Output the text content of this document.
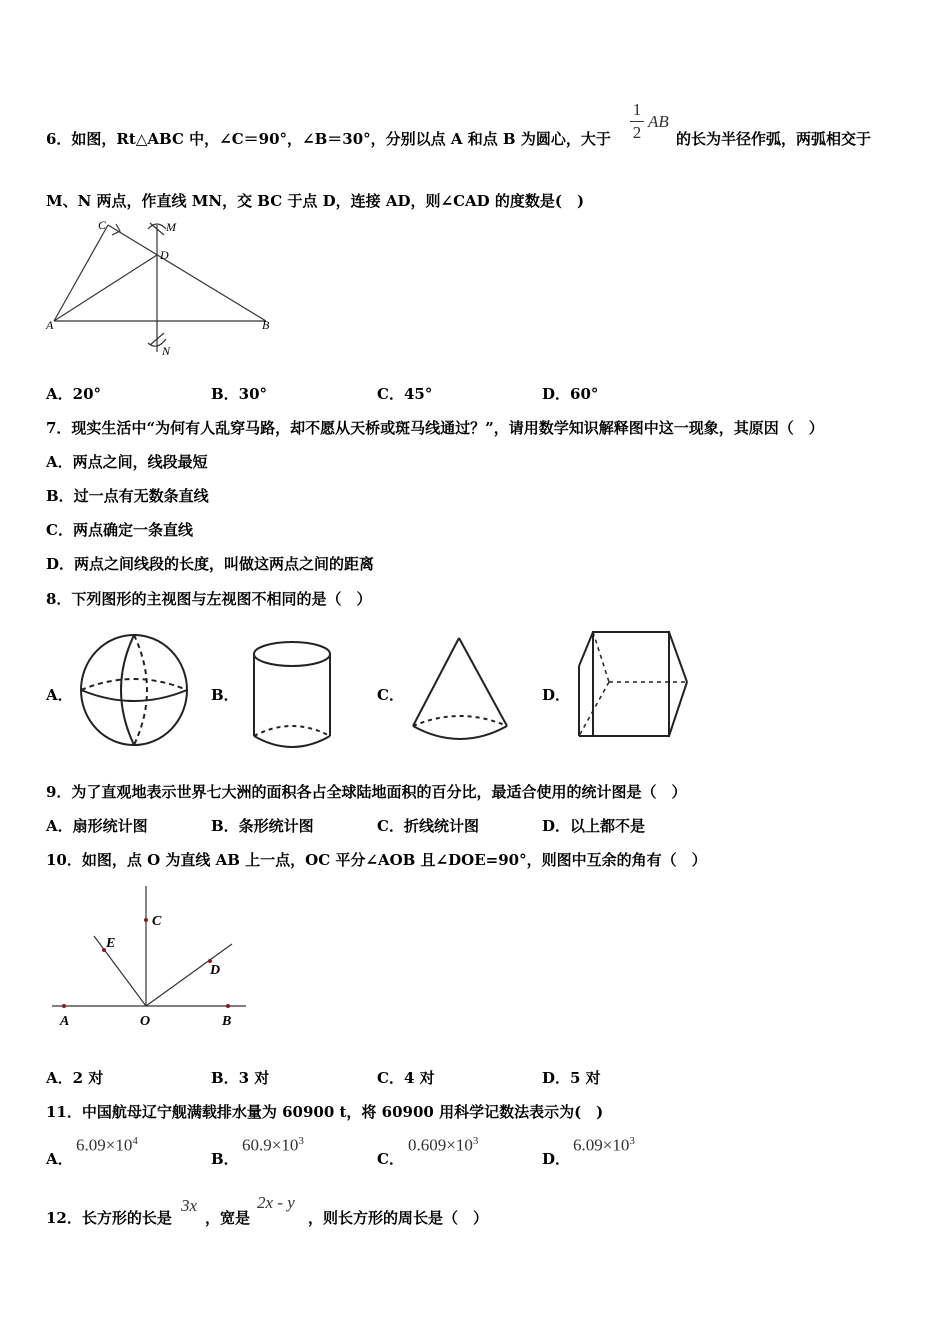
6．如图，Rt△ABC 中，∠C＝90°，∠B＝30°，分别以点 A 和点 B 为圆心，大于
1
2
AB
的长为半径作弧，两弧相交于
M、N 两点，作直线 MN，交 BC 于点 D，连接 AD，则∠CAD 的度数是(　)
C	M
D
A	B
N
A．20°	B．30°	C．45°	D．60°
7．现实生活中“为何有人乱穿马路，却不愿从天桥或斑马线通过？”，请用数学知识解释图中这一现象，其原因（　）
A．两点之间，线段最短
B．过一点有无数条直线
C．两点确定一条直线
D．两点之间线段的长度，叫做这两点之间的距离
8．下列图形的主视图与左视图不相同的是（　）
A．	B．	C．	D．
9．为了直观地表示世界七大洲的面积各占全球陆地面积的百分比，最适合使用的统计图是（　）
A．扇形统计图	B．条形统计图	C．折线统计图	D．以上都不是
10．如图，点 O 为直线 AB 上一点，OC 平分∠AOB 且∠DOE=90°，则图中互余的角有（　）
C
E
D
A	O	B
A．2 对	B．3 对	C．4 对	D．5 对
11．中国航母辽宁舰满载排水量为 60900 t，将 60900 用科学记数法表示为(　)
A．
$6.09\times 10^4$
B．
$60.9\times 10^3$
C．
$0.609\times 10^3$
D．
$6.09\times 10^3$
12．长方形的长是
3x
，宽是
2x - y
，则长方形的周长是（　）
